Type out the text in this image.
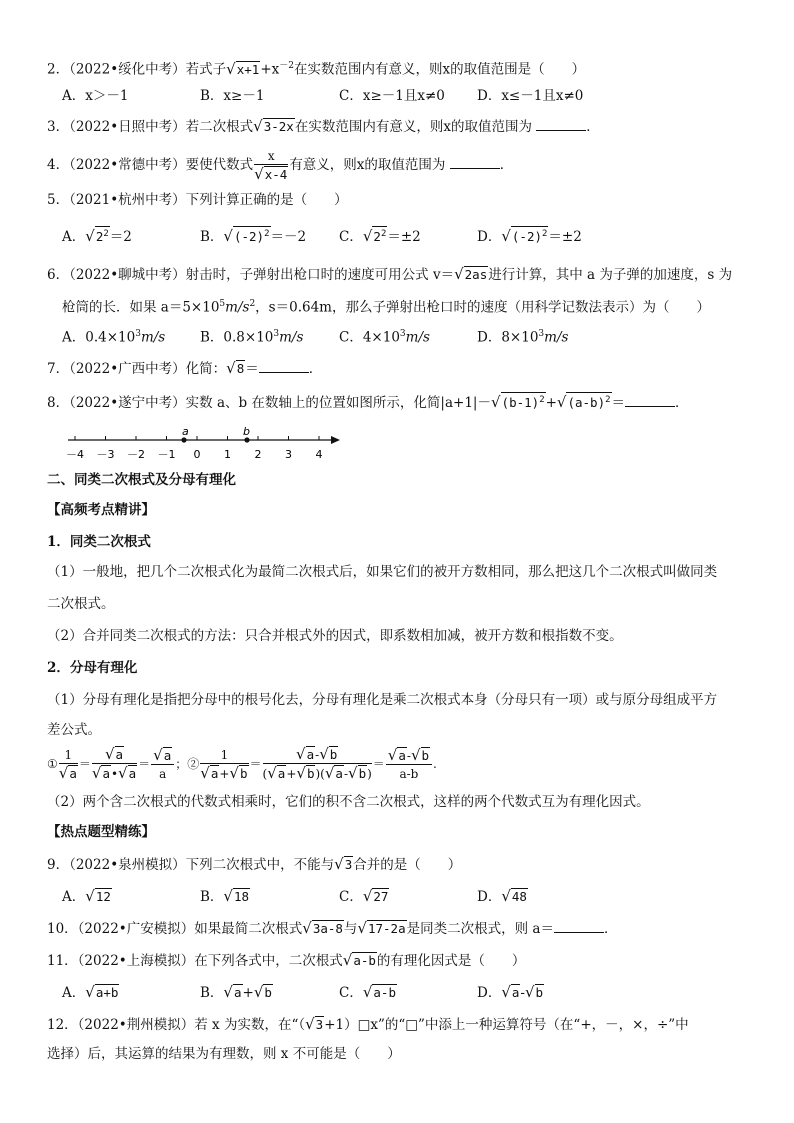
2．（2022•绥化中考）若式子$√x+1+x^{-2}$在实数范围内有意义，则x的取值范围是（　　）
A．x＞－1	B．x≥－1	C．x≥－1且x≠0 D．x≤－1且x≠0
3．（2022•日照中考）若二次根式√3-2x在实数范围内有意义，则x的取值范围为	．
4．（2022•常德中考）要使代数式 $\frac{x}{√x-4}$ 有意义，则x的取值范围为	．
5．（2021•杭州中考）下列计算正确的是（　　）
A．$√2^2=2$	B．$√(-2)^2=-2$ C．$√2^2=\pm 2$	D．$√(-2)^2=\pm 2$
6．（2022•聊城中考）射击时，子弹射出枪口时的速度可用公式 v＝√2as进行计算，其中 a 为子弹的加速度，s 为
枪筒的长．如果 $a=5\times 10^5m/s^2$，s＝0.64m，那么子弹射出枪口时的速度（用科学记数法表示）为（　　）
A．$0.4\times 10^3m/s$	B．$0.8\times 10^3m/s$	C．$4\times 10^3m/s$	D．$8\times 10^3m/s$
7．（2022•广西中考）化简：√8＝	．
8．（2022•遂宁中考）实数 a、b 在数轴上的位置如图所示，化简$|a+1|-√(b-1)^2+√(a-b)^2=$	．
－4 －3 －2 －1 0 1 2 3 4
a	b
二、同类二次根式及分母有理化
【高频考点精讲】
1．同类二次根式
（1）一般地，把几个二次根式化为最简二次根式后，如果它们的被开方数相同，那么把这几个二次根式叫做同类
二次根式。
（2）合并同类二次根式的方法：只合并根式外的因式，即系数相加减，被开方数和根指数不变。
2．分母有理化
（1）分母有理化是指把分母中的根号化去，分母有理化是乘二次根式本身（分母只有一项）或与原分母组成平方
差公式。
① $\frac{1}{√a} = \frac{√a}{√a•√a} = \frac{√a}{a}$ ；② $\frac{1}{√a+√b} = \frac{√a-√b}{(√a+√b)(√a-√b)} = \frac{√a-√b}{a-b}$ .
（2）两个含二次根式的代数式相乘时，它们的积不含二次根式，这样的两个代数式互为有理化因式。
【热点题型精练】
9．（2022•泉州模拟）下列二次根式中，不能与√3合并的是（　　）
A．√12	B．√18	C．√27	D．√48
10．（2022•广安模拟）如果最简二次根式√3a-8与√17-2a是同类二次根式，则 a＝	．
11．（2022•上海模拟）在下列各式中，二次根式√a-b的有理化因式是（　　）
A．√a+b	B．√a+√b	C．√a-b	D．√a-√b
12．（2022•荆州模拟）若 x 为实数，在“（√3+1）□x”的“□”中添上一种运算符号（在“+，－，×，÷”中
选择）后，其运算的结果为有理数，则 x 不可能是（　　）
